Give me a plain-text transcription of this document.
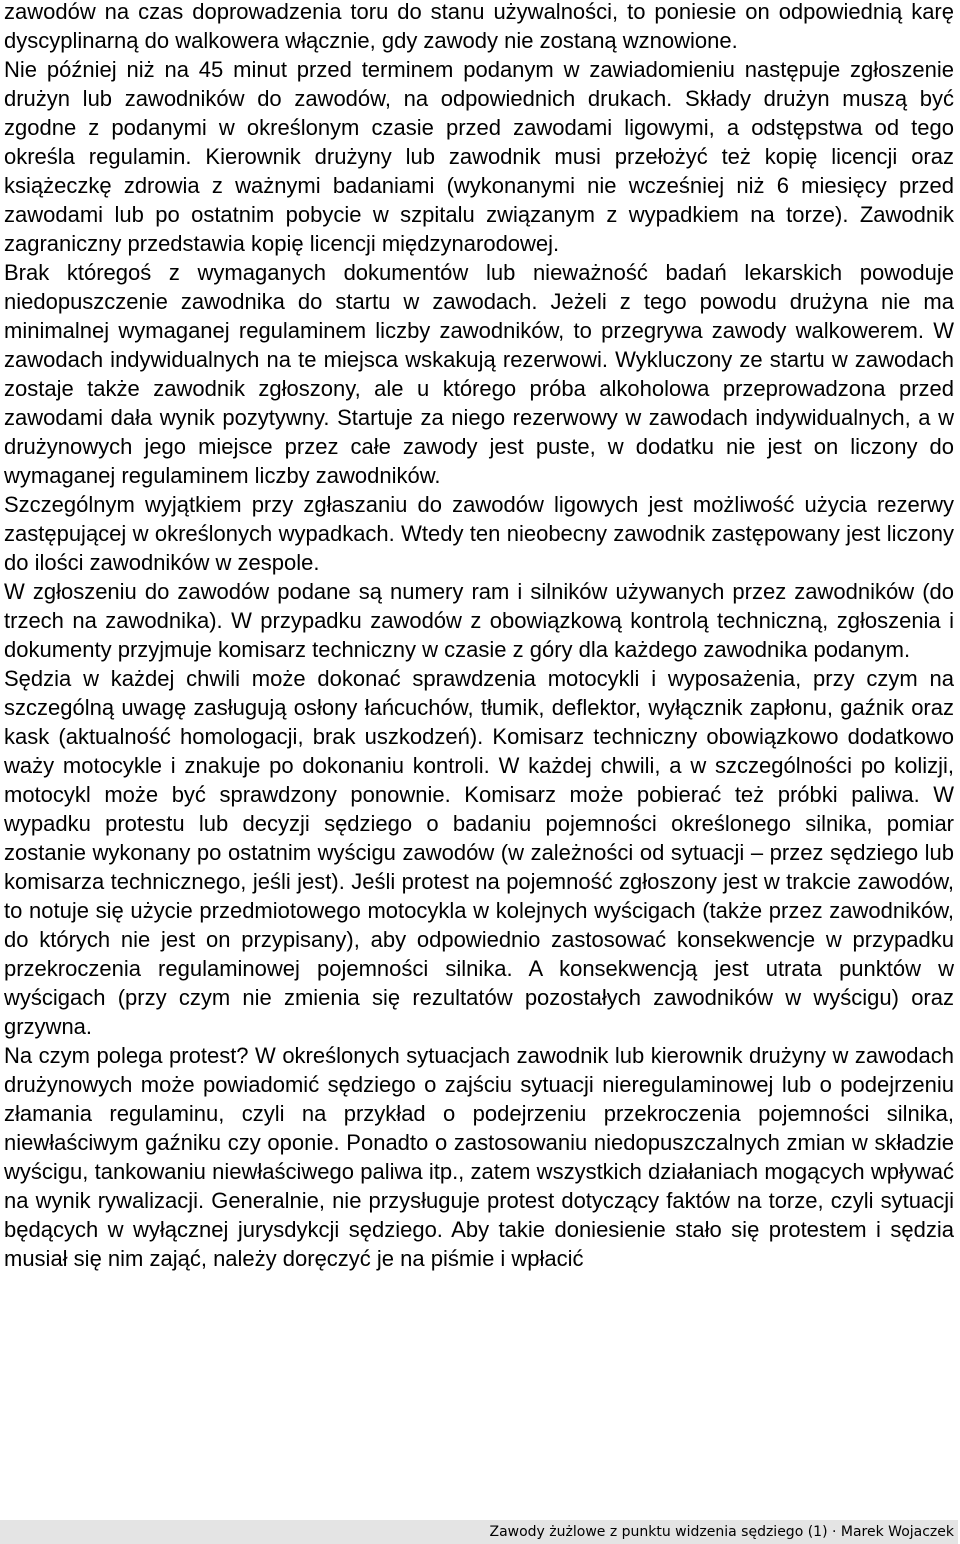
zawodów na czas doprowadzenia toru do stanu używalności, to poniesie on odpowiednią karę dyscyplinarną do walkowera włącznie, gdy zawody nie zostaną wznowione.

Nie później niż na 45 minut przed terminem podanym w zawiadomieniu następuje zgłoszenie drużyn lub zawodników do zawodów, na odpowiednich drukach. Składy drużyn muszą być zgodne z podanymi w określonym czasie przed zawodami ligowymi, a odstępstwa od tego określa regulamin. Kierownik drużyny lub zawodnik musi przełożyć też kopię licencji oraz książeczkę zdrowia z ważnymi badaniami (wykonanymi nie wcześniej niż 6 miesięcy przed zawodami lub po ostatnim pobycie w szpitalu związanym z wypadkiem na torze). Zawodnik zagraniczny przedstawia kopię licencji międzynarodowej.

Brak któregoś z wymaganych dokumentów lub nieważność badań lekarskich powoduje niedopuszczenie zawodnika do startu w zawodach. Jeżeli z tego powodu drużyna nie ma minimalnej wymaganej regulaminem liczby zawodników, to przegrywa zawody walkowerem. W zawodach indywidualnych na te miejsca wskakują rezerwowi. Wykluczony ze startu w zawodach zostaje także zawodnik zgłoszony, ale u którego próba alkoholowa przeprowadzona przed zawodami dała wynik pozytywny. Startuje za niego rezerwowy w zawodach indywidualnych, a w drużynowych jego miejsce przez całe zawody jest puste, w dodatku nie jest on liczony do wymaganej regulaminem liczby zawodników.

Szczególnym wyjątkiem przy zgłaszaniu do zawodów ligowych jest możliwość użycia rezerwy zastępującej w określonych wypadkach. Wtedy ten nieobecny zawodnik zastępowany jest liczony do ilości zawodników w zespole.

W zgłoszeniu do zawodów podane są numery ram i silników używanych przez zawodników (do trzech na zawodnika). W przypadku zawodów z obowiązkową kontrolą techniczną, zgłoszenia i dokumenty przyjmuje komisarz techniczny w czasie z góry dla każdego zawodnika podanym.

Sędzia w każdej chwili może dokonać sprawdzenia motocykli i wyposażenia, przy czym na szczególną uwagę zasługują osłony łańcuchów, tłumik, deflektor, wyłącznik zapłonu, gaźnik oraz kask (aktualność homologacji, brak uszkodzeń). Komisarz techniczny obowiązkowo dodatkowo waży motocykle i znakuje po dokonaniu kontroli. W każdej chwili, a w szczególności po kolizji, motocykl może być sprawdzony ponownie. Komisarz może pobierać też próbki paliwa. W wypadku protestu lub decyzji sędziego o badaniu pojemności określonego silnika, pomiar zostanie wykonany po ostatnim wyścigu zawodów (w zależności od sytuacji – przez sędziego lub komisarza technicznego, jeśli jest). Jeśli protest na pojemność zgłoszony jest w trakcie zawodów, to notuje się użycie przedmiotowego motocykla w kolejnych wyścigach (także przez zawodników, do których nie jest on przypisany), aby odpowiednio zastosować konsekwencje w przypadku przekroczenia regulaminowej pojemności silnika. A konsekwencją jest utrata punktów w wyścigach (przy czym nie zmienia się rezultatów pozostałych zawodników w wyścigu) oraz grzywna.

Na czym polega protest? W określonych sytuacjach zawodnik lub kierownik drużyny w zawodach drużynowych może powiadomić sędziego o zajściu sytuacji nieregulaminowej lub o podejrzeniu złamania regulaminu, czyli na przykład o podejrzeniu przekroczenia pojemności silnika, niewłaściwym gaźniku czy oponie. Ponadto o zastosowaniu niedopuszczalnych zmian w składzie wyścigu, tankowaniu niewłaściwego paliwa itp., zatem wszystkich działaniach mogących wpływać na wynik rywalizacji. Generalnie, nie przysługuje protest dotyczący faktów na torze, czyli sytuacji będących w wyłącznej jurysdykcji sędziego. Aby takie doniesienie stało się protestem i sędzia musiał się nim zająć, należy doręczyć je na piśmie i wpłacić

Zawody żużlowe z punktu widzenia sędziego (1) · Marek Wojaczek
